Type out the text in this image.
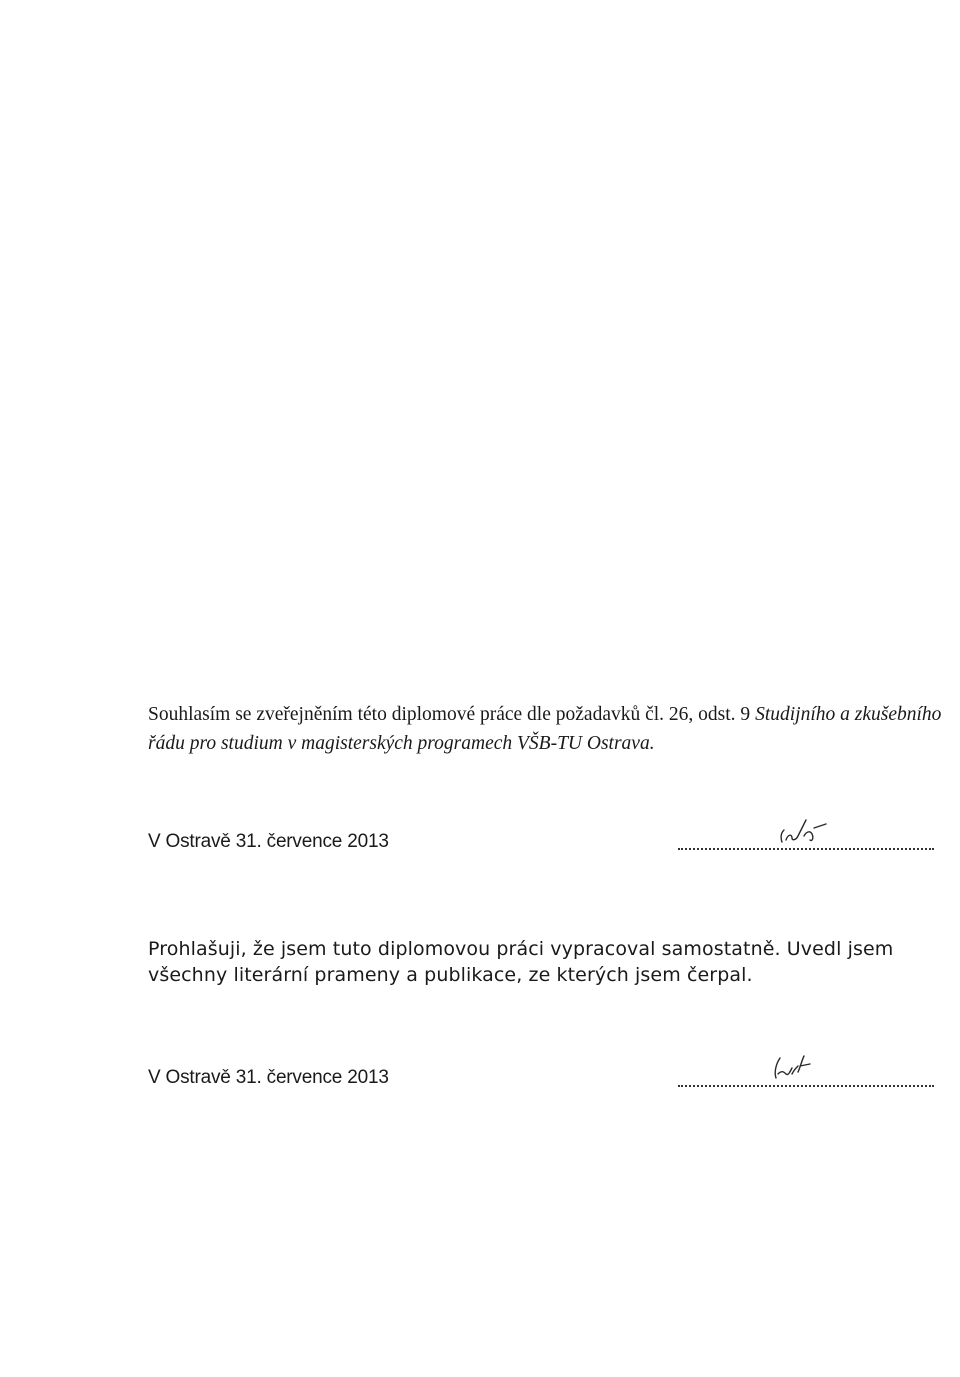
Souhlasím se zveřejněním této diplomové práce dle požadavků čl. 26, odst. 9 Studijního a zkušebního řádu pro studium v magisterských programech VŠB-TU Ostrava.

V Ostravě 31. července 2013

Prohlašuji, že jsem tuto diplomovou práci vypracoval samostatně. Uvedl jsem všechny literární prameny a publikace, ze kterých jsem čerpal.

V Ostravě 31. července 2013
